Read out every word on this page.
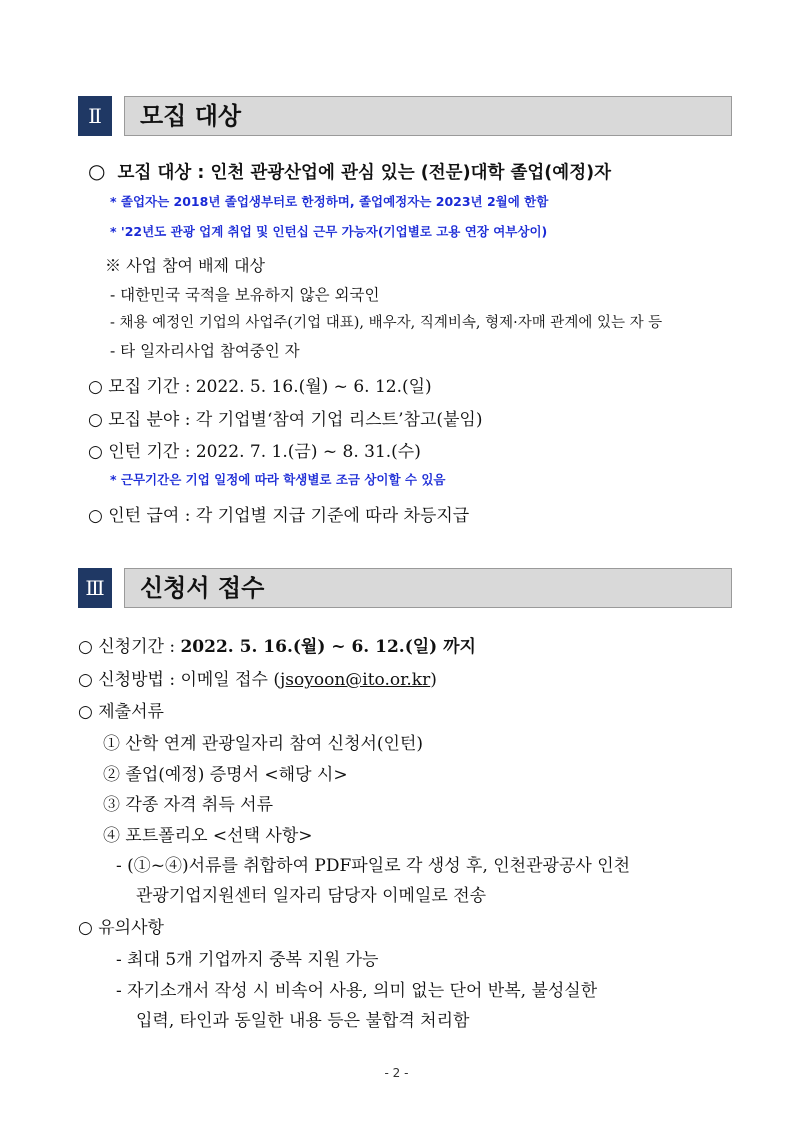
Ⅱ	모집 대상
○ 모집 대상 : 인천 관광산업에 관심 있는 (전문)대학 졸업(예정)자
* 졸업자는 2018년 졸업생부터로 한정하며, 졸업예정자는 2023년 2월에 한함
* '22년도 관광 업계 취업 및 인턴십 근무 가능자(기업별로 고용 연장 여부상이)
※ 사업 참여 배제 대상
- 대한민국 국적을 보유하지 않은 외국인
- 채용 예정인 기업의 사업주(기업 대표), 배우자, 직계비속, 형제·자매 관계에 있는 자 등
- 타 일자리사업 참여중인 자
○ 모집 기간 : 2022. 5. 16.(월) ~ 6. 12.(일)
○ 모집 분야 : 각 기업별‘참여 기업 리스트’참고(붙임)
○ 인턴 기간 : 2022. 7. 1.(금) ~ 8. 31.(수)
* 근무기간은 기업 일정에 따라 학생별로 조금 상이할 수 있음
○ 인턴 급여 : 각 기업별 지급 기준에 따라 차등지급
Ⅲ	신청서 접수
○ 신청기간 : 2022. 5. 16.(월) ~ 6. 12.(일) 까지
○ 신청방법 : 이메일 접수 (jsoyoon@ito.or.kr)
○ 제출서류
① 산학 연계 관광일자리 참여 신청서(인턴)
② 졸업(예정) 증명서 <해당 시>
③ 각종 자격 취득 서류
④ 포트폴리오 <선택 사항>
- (①~④)서류를 취합하여 PDF파일로 각 생성 후, 인천관광공사 인천
관광기업지원센터 일자리 담당자 이메일로 전송
○ 유의사항
- 최대 5개 기업까지 중복 지원 가능
- 자기소개서 작성 시 비속어 사용, 의미 없는 단어 반복, 불성실한
입력, 타인과 동일한 내용 등은 불합격 처리함
- 2 -
